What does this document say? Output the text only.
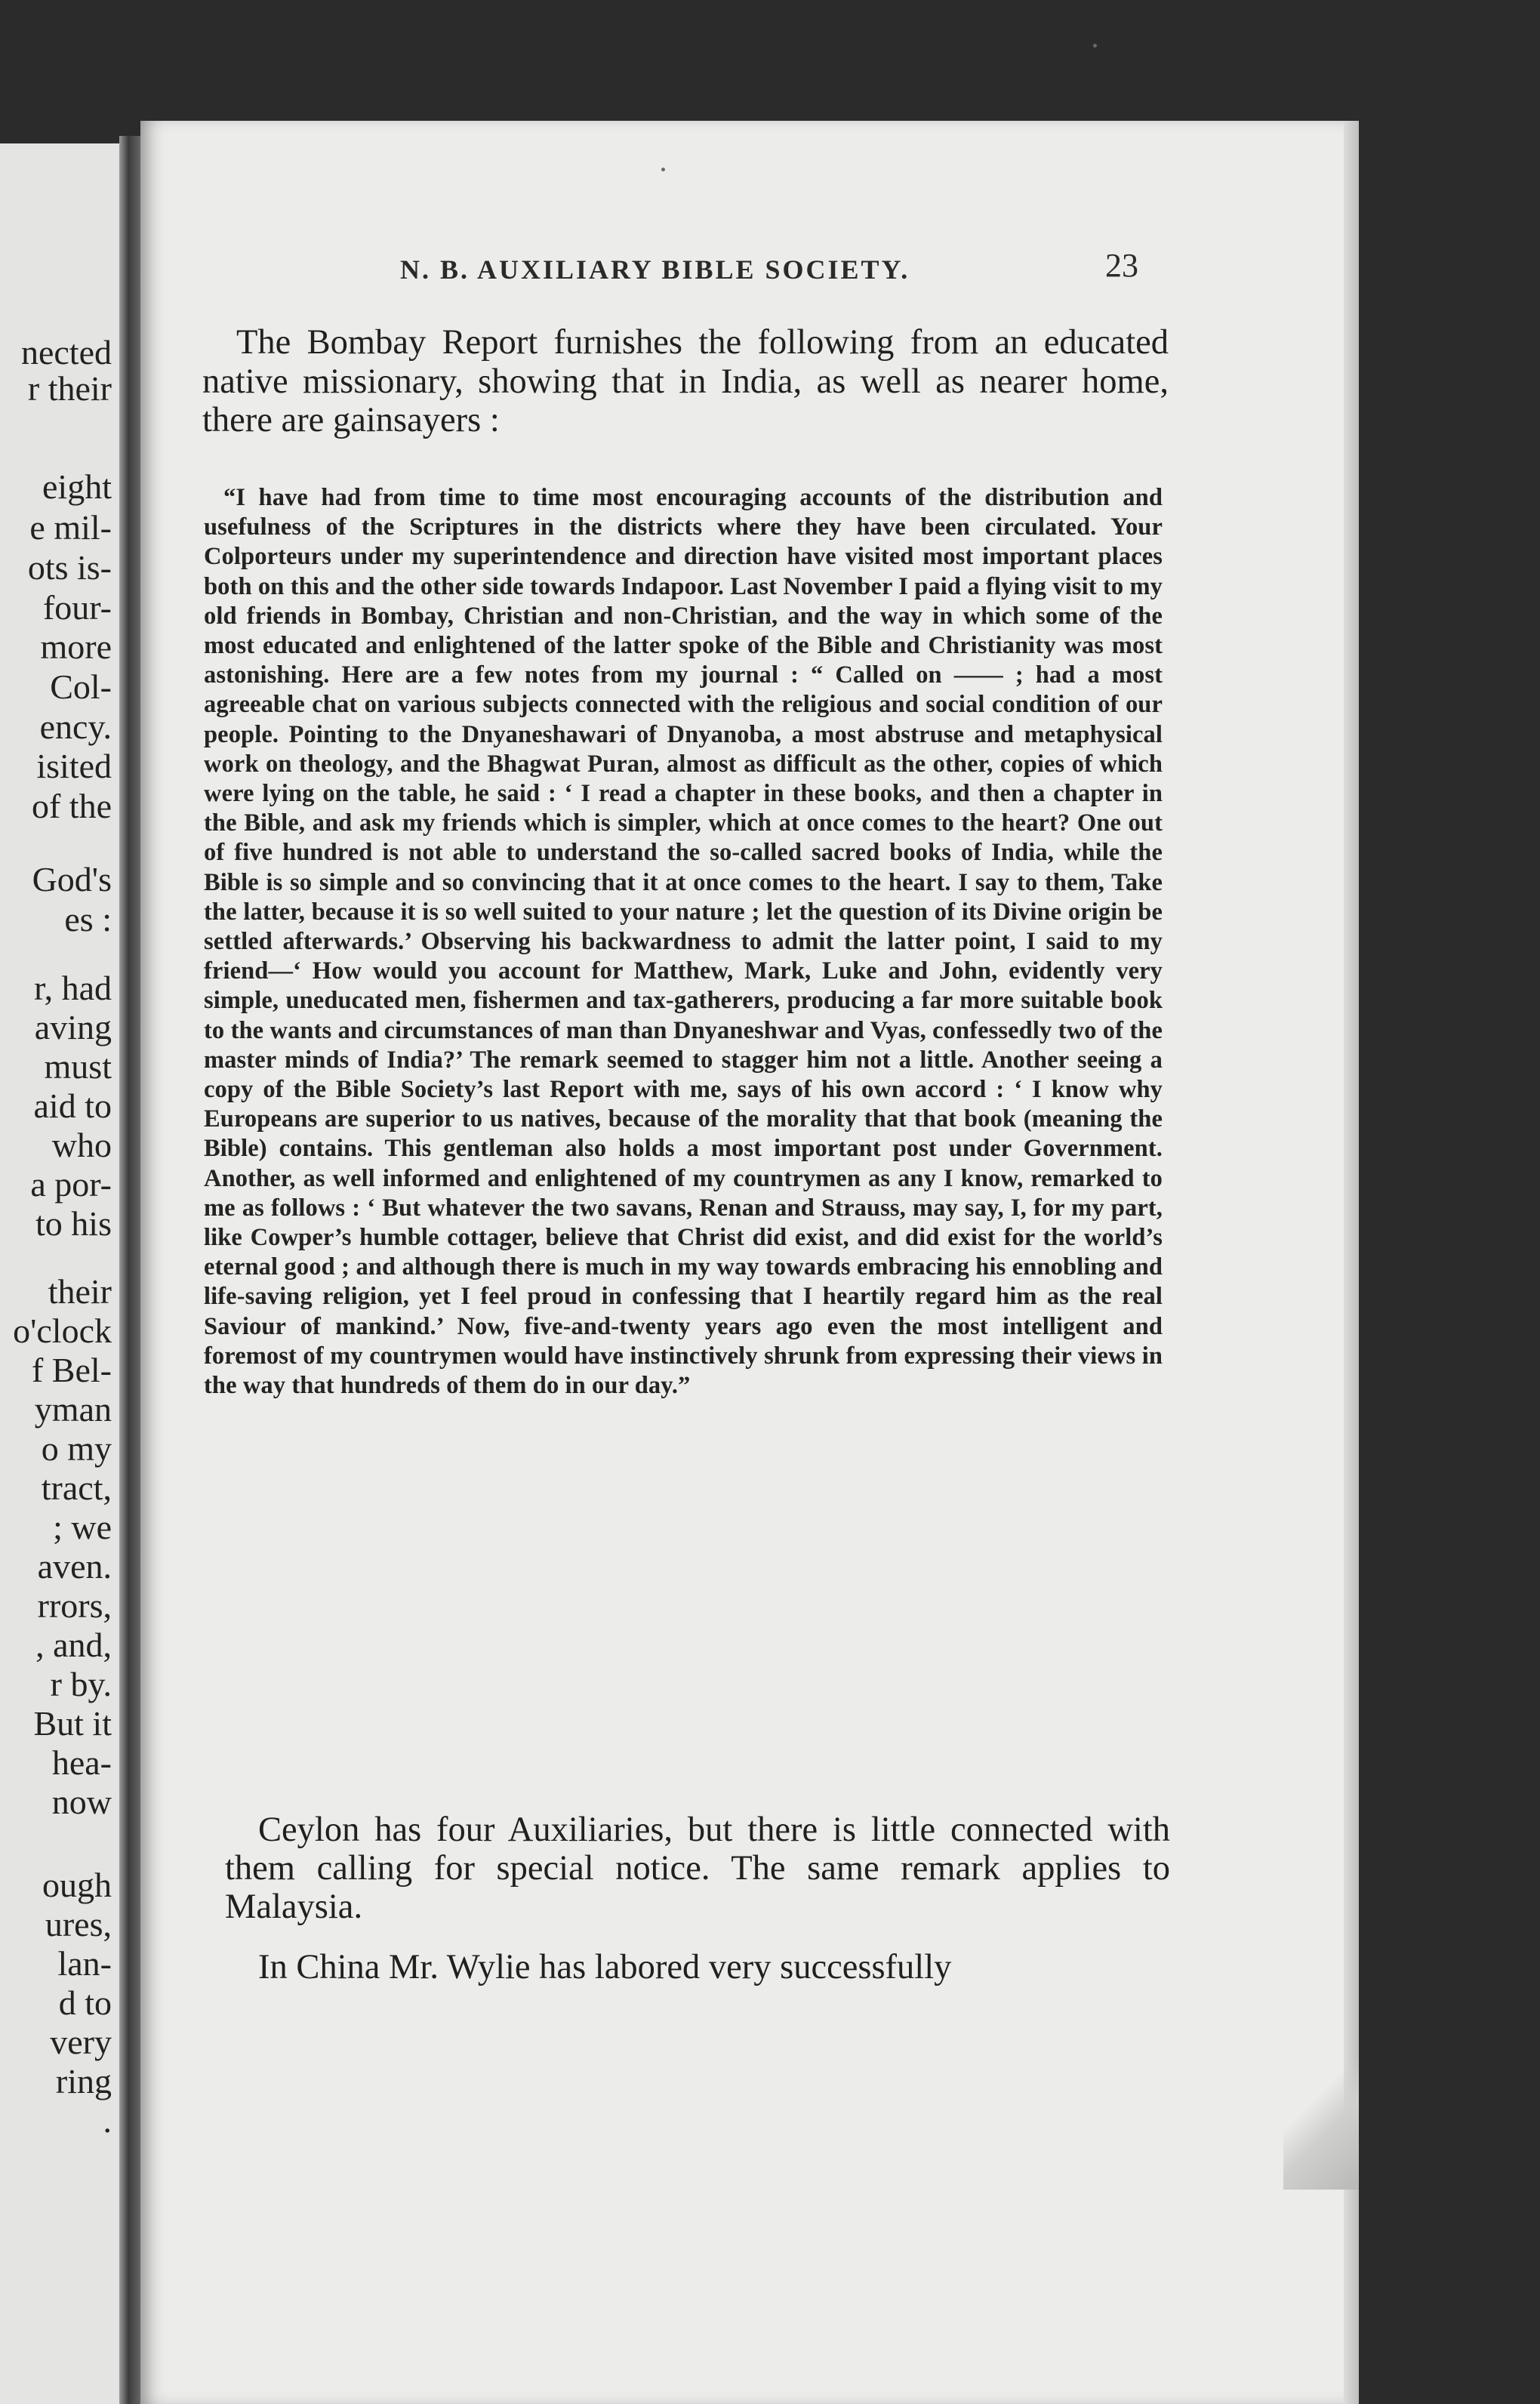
nected
r their
eight
e mil-
ots is-
four-
more
Col-
ency.
isited
of the
God's
es :
r, had
aving
must
aid to
who
a por-
to his
their
o'clock
f Bel-
yman
o my
tract,
; we
aven.
rrors,
, and,
r by.
But it
hea-
now
ough
ures,
lan-
d to
very
ring
.
N. B. AUXILIARY BIBLE SOCIETY.	23
The Bombay Report furnishes the following from an educated native missionary, showing that in India, as well as nearer home, there are gainsayers :
“I have had from time to time most encouraging accounts of the distribution and usefulness of the Scriptures in the districts where they have been circulated. Your Colporteurs under my superintendence and direction have visited most important places both on this and the other side towards Indapoor. Last November I paid a flying visit to my old friends in Bombay, Christian and non-Christian, and the way in which some of the most educated and enlightened of the latter spoke of the Bible and Christianity was most astonishing. Here are a few notes from my journal : “ Called on —— ; had a most agreeable chat on various subjects connected with the religious and social condition of our people. Pointing to the Dnyaneshawari of Dnyanoba, a most abstruse and metaphysical work on theology, and the Bhagwat Puran, almost as difficult as the other, copies of which were lying on the table, he said : ‘ I read a chapter in these books, and then a chapter in the Bible, and ask my friends which is simpler, which at once comes to the heart? One out of five hundred is not able to understand the so-called sacred books of India, while the Bible is so simple and so convincing that it at once comes to the heart. I say to them, Take the latter, because it is so well suited to your nature ; let the question of its Divine origin be settled afterwards.’ Observing his backwardness to admit the latter point, I said to my friend—‘ How would you account for Matthew, Mark, Luke and John, evidently very simple, uneducated men, fishermen and tax-gatherers, producing a far more suitable book to the wants and circumstances of man than Dnyaneshwar and Vyas, confessedly two of the master minds of India?’ The remark seemed to stagger him not a little. Another seeing a copy of the Bible Society’s last Report with me, says of his own accord : ‘ I know why Europeans are superior to us natives, because of the morality that that book (meaning the Bible) contains. This gentleman also holds a most important post under Government. Another, as well informed and enlightened of my countrymen as any I know, remarked to me as follows : ‘ But whatever the two savans, Renan and Strauss, may say, I, for my part, like Cowper’s humble cottager, believe that Christ did exist, and did exist for the world’s eternal good ; and although there is much in my way towards embracing his ennobling and life-saving religion, yet I feel proud in confessing that I heartily regard him as the real Saviour of mankind.’ Now, five-and-twenty years ago even the most intelligent and foremost of my countrymen would have instinctively shrunk from expressing their views in the way that hundreds of them do in our day.”
Ceylon has four Auxiliaries, but there is little connected with them calling for special notice. The same remark applies to Malaysia.
In China Mr. Wylie has labored very successfully
